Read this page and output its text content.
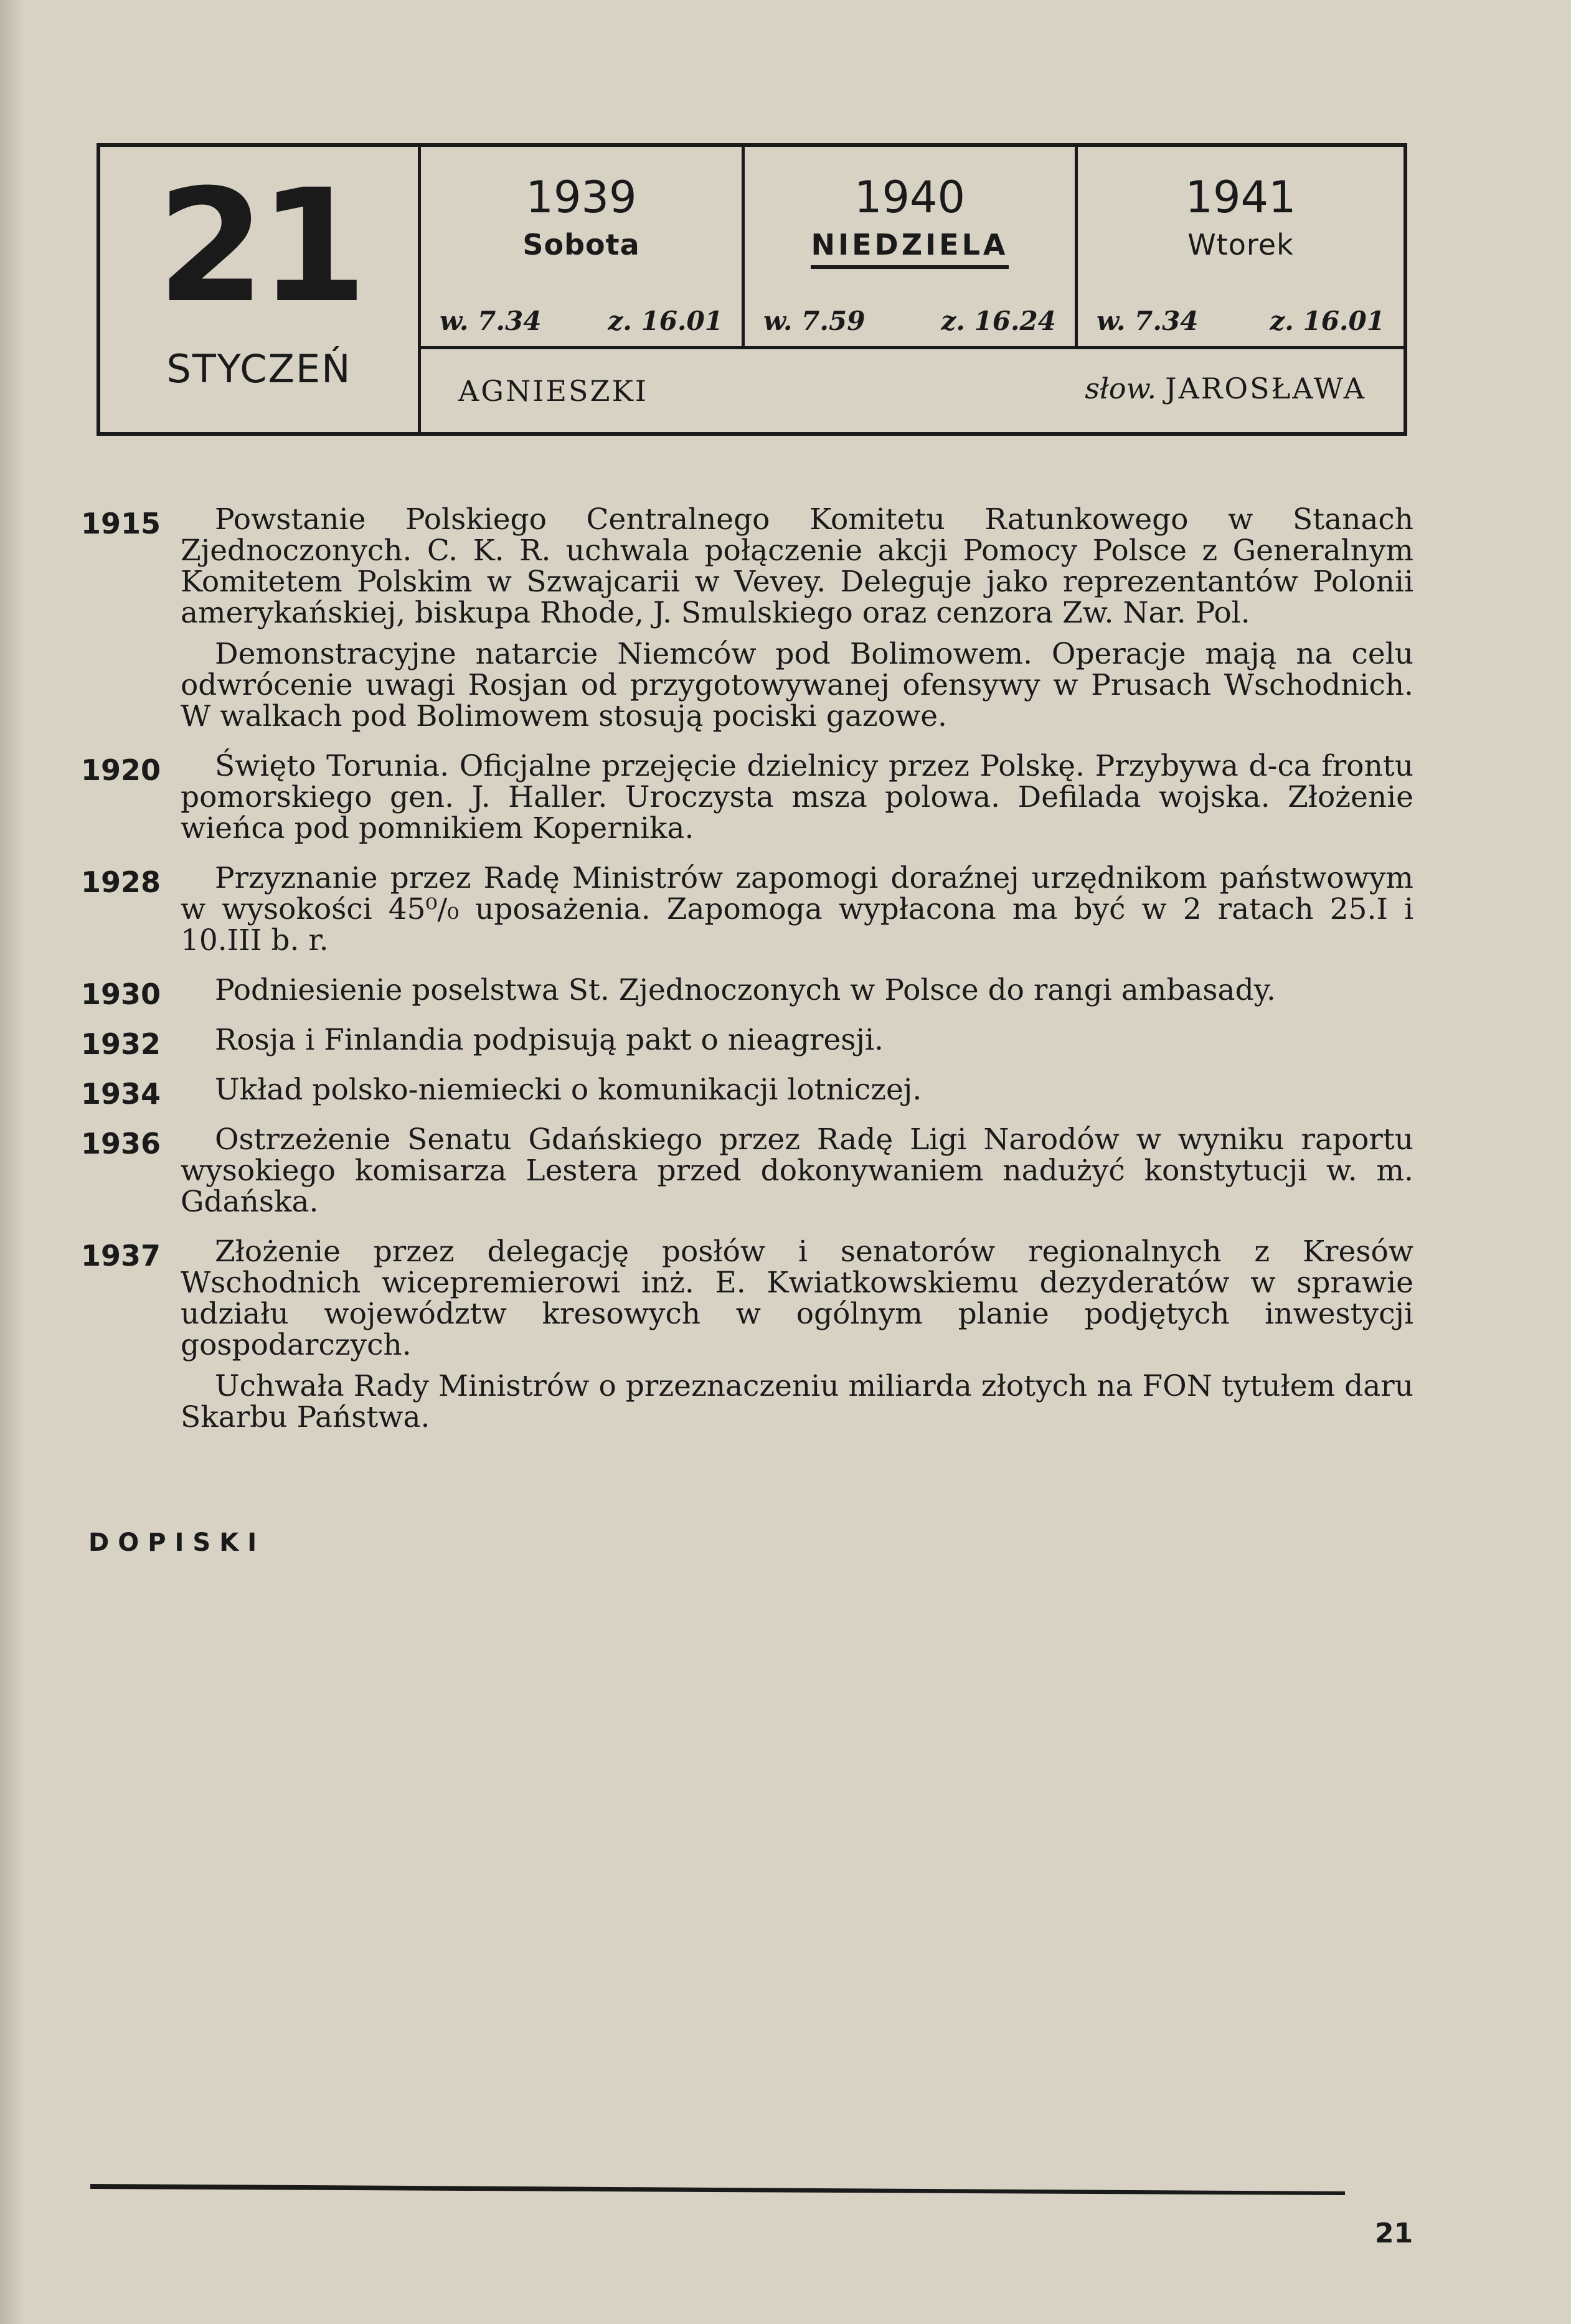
21
STYCZEŃ
1939
Sobota
w. 7.34	z. 16.01
1940
NIEDZIELA
w. 7.59	z. 16.24
1941
Wtorek
w. 7.34	z. 16.01
AGNIESZKI	słow. JAROSŁAWA
1915	Powstanie Polskiego Centralnego Komitetu Ratunkowego w Stanach Zjednoczonych. C. K. R. uchwala połączenie akcji Pomocy Polsce z Generalnym Komitetem Polskim w Szwajcarii w Vevey. Deleguje jako reprezentantów Polonii amerykańskiej, biskupa Rhode, J. Smulskiego oraz cenzora Zw. Nar. Pol.

Demonstracyjne natarcie Niemców pod Bolimowem. Operacje mają na celu odwrócenie uwagi Rosjan od przygotowywanej ofensywy w Prusach Wschodnich. W walkach pod Bolimowem stosują pociski gazowe.

1920	Święto Torunia. Oficjalne przejęcie dzielnicy przez Polskę. Przybywa d-ca frontu pomorskiego gen. J. Haller. Uroczysta msza polowa. Defilada wojska. Złożenie wieńca pod pomnikiem Kopernika.

1928	Przyznanie przez Radę Ministrów zapomogi doraźnej urzędnikom państwowym w wysokości 45⁰/₀ uposażenia. Zapomoga wypłacona ma być w 2 ratach 25.I i 10.III b. r.

1930	Podniesienie poselstwa St. Zjednoczonych w Polsce do rangi ambasady.

1932	Rosja i Finlandia podpisują pakt o nieagresji.

1934	Układ polsko-niemiecki o komunikacji lotniczej.

1936	Ostrzeżenie Senatu Gdańskiego przez Radę Ligi Narodów w wyniku raportu wysokiego komisarza Lestera przed dokonywaniem nadużyć konstytucji w. m. Gdańska.

1937	Złożenie przez delegację posłów i senatorów regionalnych z Kresów Wschodnich wicepremierowi inż. E. Kwiatkowskiemu dezyderatów w sprawie udziału województw kresowych w ogólnym planie podjętych inwestycji gospodarczych.

Uchwała Rady Ministrów o przeznaczeniu miliarda złotych na FON tytułem daru Skarbu Państwa.

DOPISKI
21
